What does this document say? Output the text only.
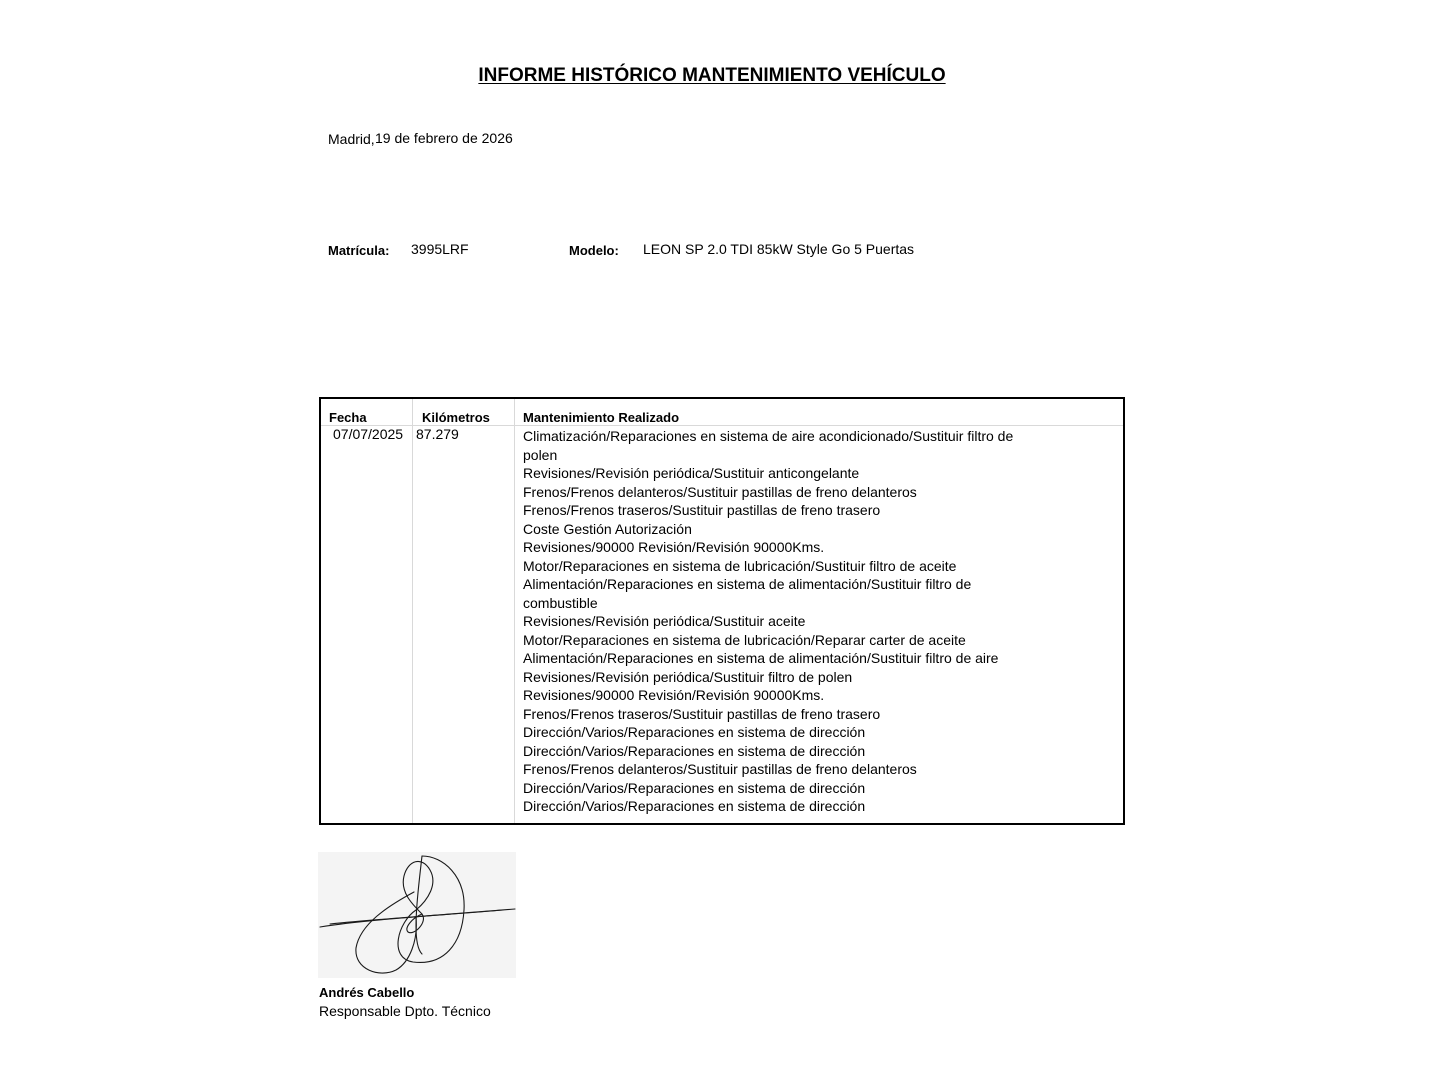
INFORME HISTÓRICO MANTENIMIENTO VEHÍCULO
Madrid, 19 de febrero de 2026
Matrícula: 3995LRF	Modelo: LEON SP 2.0 TDI 85kW Style Go 5 Puertas
Fecha	Kilómetros	Mantenimiento Realizado
07/07/2025 87.279	Climatización/Reparaciones en sistema de aire acondicionado/Sustituir filtro de polen
Revisiones/Revisión periódica/Sustituir anticongelante
Frenos/Frenos delanteros/Sustituir pastillas de freno delanteros
Frenos/Frenos traseros/Sustituir pastillas de freno trasero
Coste Gestión Autorización
Revisiones/90000 Revisión/Revisión 90000Kms.
Motor/Reparaciones en sistema de lubricación/Sustituir filtro de aceite
Alimentación/Reparaciones en sistema de alimentación/Sustituir filtro de combustible
Revisiones/Revisión periódica/Sustituir aceite
Motor/Reparaciones en sistema de lubricación/Reparar carter de aceite
Alimentación/Reparaciones en sistema de alimentación/Sustituir filtro de aire
Revisiones/Revisión periódica/Sustituir filtro de polen
Revisiones/90000 Revisión/Revisión 90000Kms.
Frenos/Frenos traseros/Sustituir pastillas de freno trasero
Dirección/Varios/Reparaciones en sistema de dirección
Dirección/Varios/Reparaciones en sistema de dirección
Frenos/Frenos delanteros/Sustituir pastillas de freno delanteros
Dirección/Varios/Reparaciones en sistema de dirección
Dirección/Varios/Reparaciones en sistema de dirección
Andrés Cabello
Responsable Dpto. Técnico
